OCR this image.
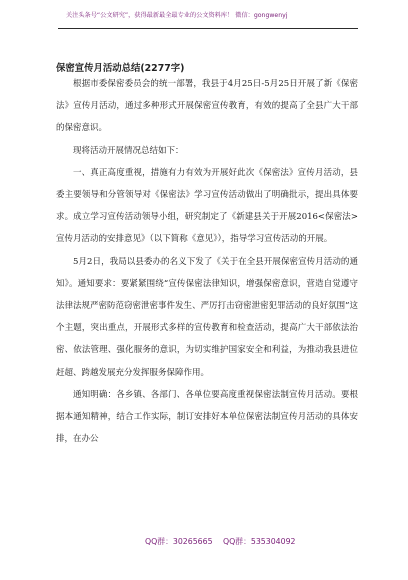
关注头条号“公文研究”，获得最新最全最专业的公文资料库！ 微信：gongwenyj
保密宣传月活动总结(2277字)

根据市委保密委员会的统一部署，我县于4月25日-5月25日开展了新《保密法》宣传月活动，通过多种形式开展保密宣传教育，有效的提高了全县广大干部的保密意识。

现将活动开展情况总结如下：

一、真正高度重视，措施有力有效为开展好此次《保密法》宣传月活动，县委主要领导和分管领导对《保密法》学习宣传活动做出了明确批示，提出具体要求。成立学习宣传活动领导小组，研究制定了《新建县关于开展2016<保密法>宣传月活动的安排意见》（以下简称《意见》），指导学习宣传活动的开展。

5月2日，我局以县委办的名义下发了《关于在全县开展保密宣传月活动的通知》。通知要求：要紧紧围绕“宣传保密法律知识，增强保密意识，营造自觉遵守法律法规严密防范窃密泄密事件发生、严厉打击窃密泄密犯罪活动的良好氛围”这个主题，突出重点，开展形式多样的宣传教育和检查活动，提高广大干部依法治密、依法管理、强化服务的意识，为切实维护国家安全和利益，为推动我县进位赶超、跨越发展充分发挥服务保障作用。

通知明确：各乡镇、各部门、各单位要高度重视保密法制宣传月活动。要根据本通知精神，结合工作实际，制订安排好本单位保密法制宣传月活动的具体安排，在办公

QQ群：30265665 QQ群：535304092
